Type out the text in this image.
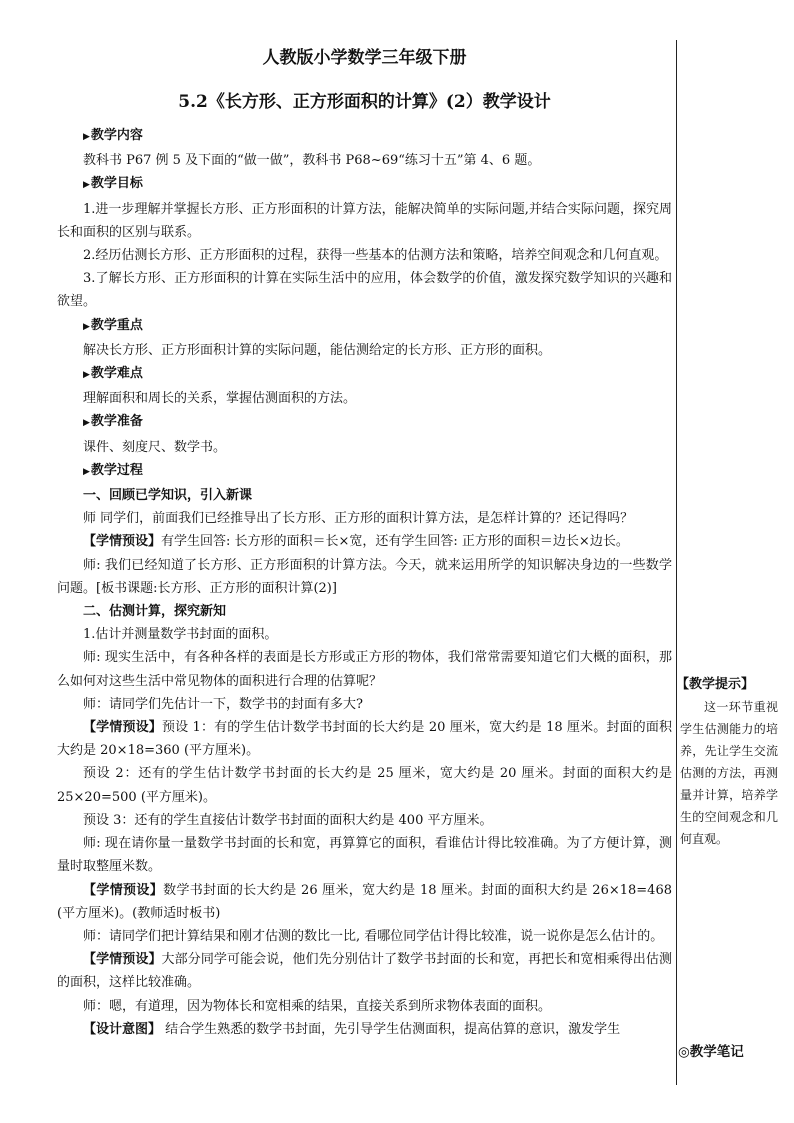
人教版小学数学三年级下册
5.2《长方形、正方形面积的计算》(2）教学设计

▶教学内容

教科书 P67 例 5 及下面的“做一做”，教科书 P68~69“练习十五”第 4、6 题。

▶教学目标

1.进一步理解并掌握长方形、正方形面积的计算方法，能解决简单的实际问题,并结合实际问题，探究周长和面积的区别与联系。

2.经历估测长方形、正方形面积的过程，获得一些基本的估测方法和策略，培养空间观念和几何直观。

3.了解长方形、正方形面积的计算在实际生活中的应用，体会数学的价值，激发探究数学知识的兴趣和欲望。

▶教学重点

解决长方形、正方形面积计算的实际问题，能估测给定的长方形、正方形的面积。

▶教学难点

理解面积和周长的关系，掌握估测面积的方法。

▶教学准备

课件、刻度尺、数学书。

▶教学过程

一、回顾已学知识，引入新课

师 同学们，前面我们已经推导出了长方形、正方形的面积计算方法，是怎样计算的？还记得吗？

【学情预设】有学生回答: 长方形的面积＝长×宽，还有学生回答: 正方形的面积＝边长×边长。

师: 我们已经知道了长方形、正方形面积的计算方法。今天，就来运用所学的知识解决身边的一些数学问题。[板书课题:长方形、正方形的面积计算(2)]

二、估测计算，探究新知

1.估计并测量数学书封面的面积。

师: 现实生活中，有各种各样的表面是长方形或正方形的物体，我们常常需要知道它们大概的面积，那么如何对这些生活中常见物体的面积进行合理的估算呢？

师：请同学们先估计一下，数学书的封面有多大?

【学情预设】预设 1：有的学生估计数学书封面的长大约是 20 厘米，宽大约是 18 厘米。封面的面积大约是 20×18=360 (平方厘米)。

预设 2：还有的学生估计数学书封面的长大约是 25 厘米，宽大约是 20 厘米。封面的面积大约是 25×20=500 (平方厘米)。

预设 3：还有的学生直接估计数学书封面的面积大约是 400 平方厘米。

师: 现在请你量一量数学书封面的长和宽，再算算它的面积，看谁估计得比较准确。为了方便计算，测量时取整厘米数。

【学情预设】数学书封面的长大约是 26 厘米，宽大约是 18 厘米。封面的面积大约是 26×18=468 (平方厘米)。(教师适时板书)

师：请同学们把计算结果和刚才估测的数比一比, 看哪位同学估计得比较准，说一说你是怎么估计的。

【学情预设】大部分同学可能会说，他们先分别估计了数学书封面的长和宽，再把长和宽相乘得出估测的面积，这样比较准确。

师：嗯，有道理，因为物体长和宽相乘的结果，直接关系到所求物体表面的面积。

【设计意图】 结合学生熟悉的数学书封面，先引导学生估测面积，提高估算的意识，激发学生

【教学提示】
这一环节重视学生估测能力的培养，先让学生交流估测的方法，再测量并计算，培养学生的空间观念和几何直观。
◎教学笔记
